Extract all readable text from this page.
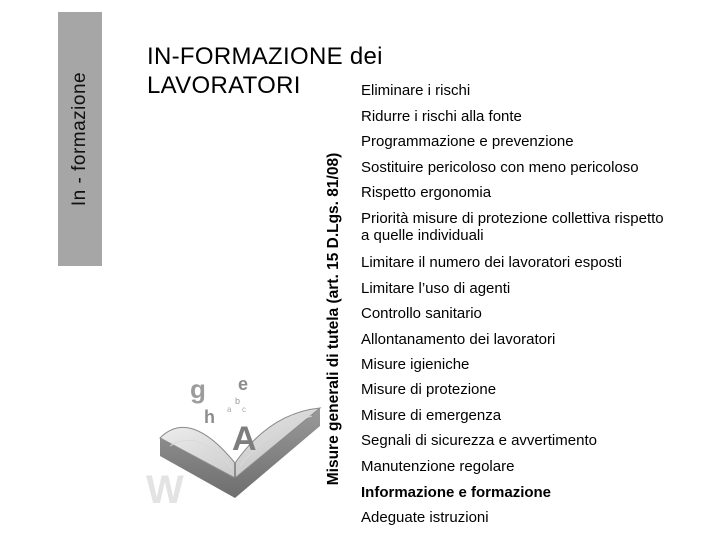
In - formazione
IN-FORMAZIONE dei
LAVORATORI
Misure generali di tutela (art. 15 D.Lgs. 81/08)
Eliminare i rischi
Ridurre i rischi alla fonte
Programmazione e prevenzione
Sostituire pericoloso con meno pericoloso
Rispetto ergonomia
Priorità misure di protezione collettiva rispetto
a quelle individuali
Limitare il numero dei lavoratori esposti
Limitare l’uso di agenti
Controllo sanitario
Allontanamento dei lavoratori
Misure igieniche
Misure di protezione
Misure di emergenza
Segnali di sicurezza e avvertimento
Manutenzione regolare
Informazione e formazione
Adeguate istruzioni
g e
h
b
c
a
A
W
